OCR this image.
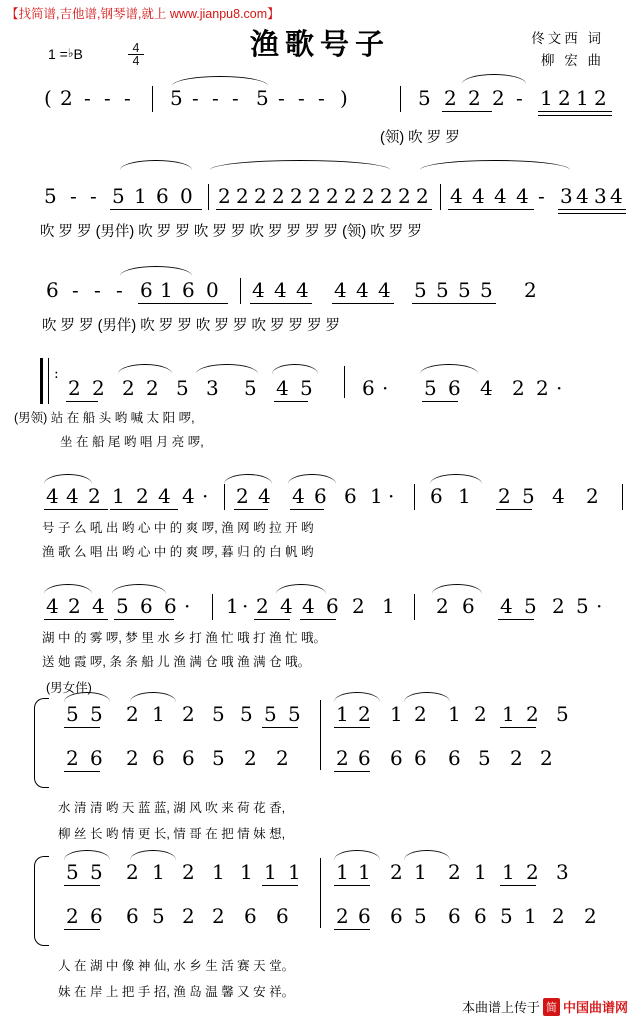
【找简谱,吉他谱,钢琴谱,就上 www.jianpu8.com】
渔歌号子	佟文西 词
柳 宏 曲
1 =♭B	$\frac{4}{4}$
( 2 - - - 5 - - - 5 - - - )	5 2 2 2 - 1 2 1 2
(领) 吹 罗 罗
5 - - 5 1 6 0 2 2 2 2 2 2 2 2 2 2 2 2 4 4 4 4 - 3 4 3 4
吹 罗 罗 (男伴) 吹 罗 罗 吹 罗 罗 吹 罗 罗 罗 罗 (领) 吹 罗 罗
6 - - - 6 1 6 0 4 4 4 4 4 4 5 5 5 5 2
吹 罗 罗 (男伴) 吹 罗 罗 吹 罗 罗 吹 罗 罗 罗 罗
:
2 2 2 2 5 3 5 4 5 6 · 5 6 4 2 2 ·
(男领) 站 在 船 头 哟 喊 太 阳 啰,
坐 在 船 尾 哟 唱 月 亮 啰,
4 4 2 1 2 4 4 · 2 4 4 6 6 1 · 6 1 2 5 4 2
号 子 么 吼 出 哟 心 中 的 爽 啰, 渔 网 哟 拉 开 哟
渔 歌 么 唱 出 哟 心 中 的 爽 啰, 暮 归 的 白 帆 哟
4 2 4 5 6 6 · 1 · 2 4 4 6 2 1 2 6 4 5 2 5 ·
湖 中 的 雾 啰, 梦 里 水 乡 打 渔 忙 哦 打 渔 忙 哦。
送 她 霞 啰, 条 条 船 儿 渔 满 仓 哦 渔 满 仓 哦。
(男女伴)
5 5 2 1 2 5 5 5 5 1 2 1 2 1 2 1 2 5
2 6 2 6 6 5 2 2 2 6 6 6 6 5 2 2
水 清 清 哟 天 蓝 蓝, 湖 风 吹 来 荷 花 香,
柳 丝 长 哟 情 更 长, 情 哥 在 把 情 妹 想,
5 5 2 1 2 1 1 1 1 1 1 2 1 2 1 1 2 3
2 6 6 5 2 2 6 6 2 6 6 5 6 6 5 1 2 2
人 在 湖 中 像 神 仙, 水 乡 生 活 赛 天 堂。
妹 在 岸 上 把 手 招, 渔 岛 温 馨 又 安 祥。
本曲谱上传于 简 中国曲谱网
